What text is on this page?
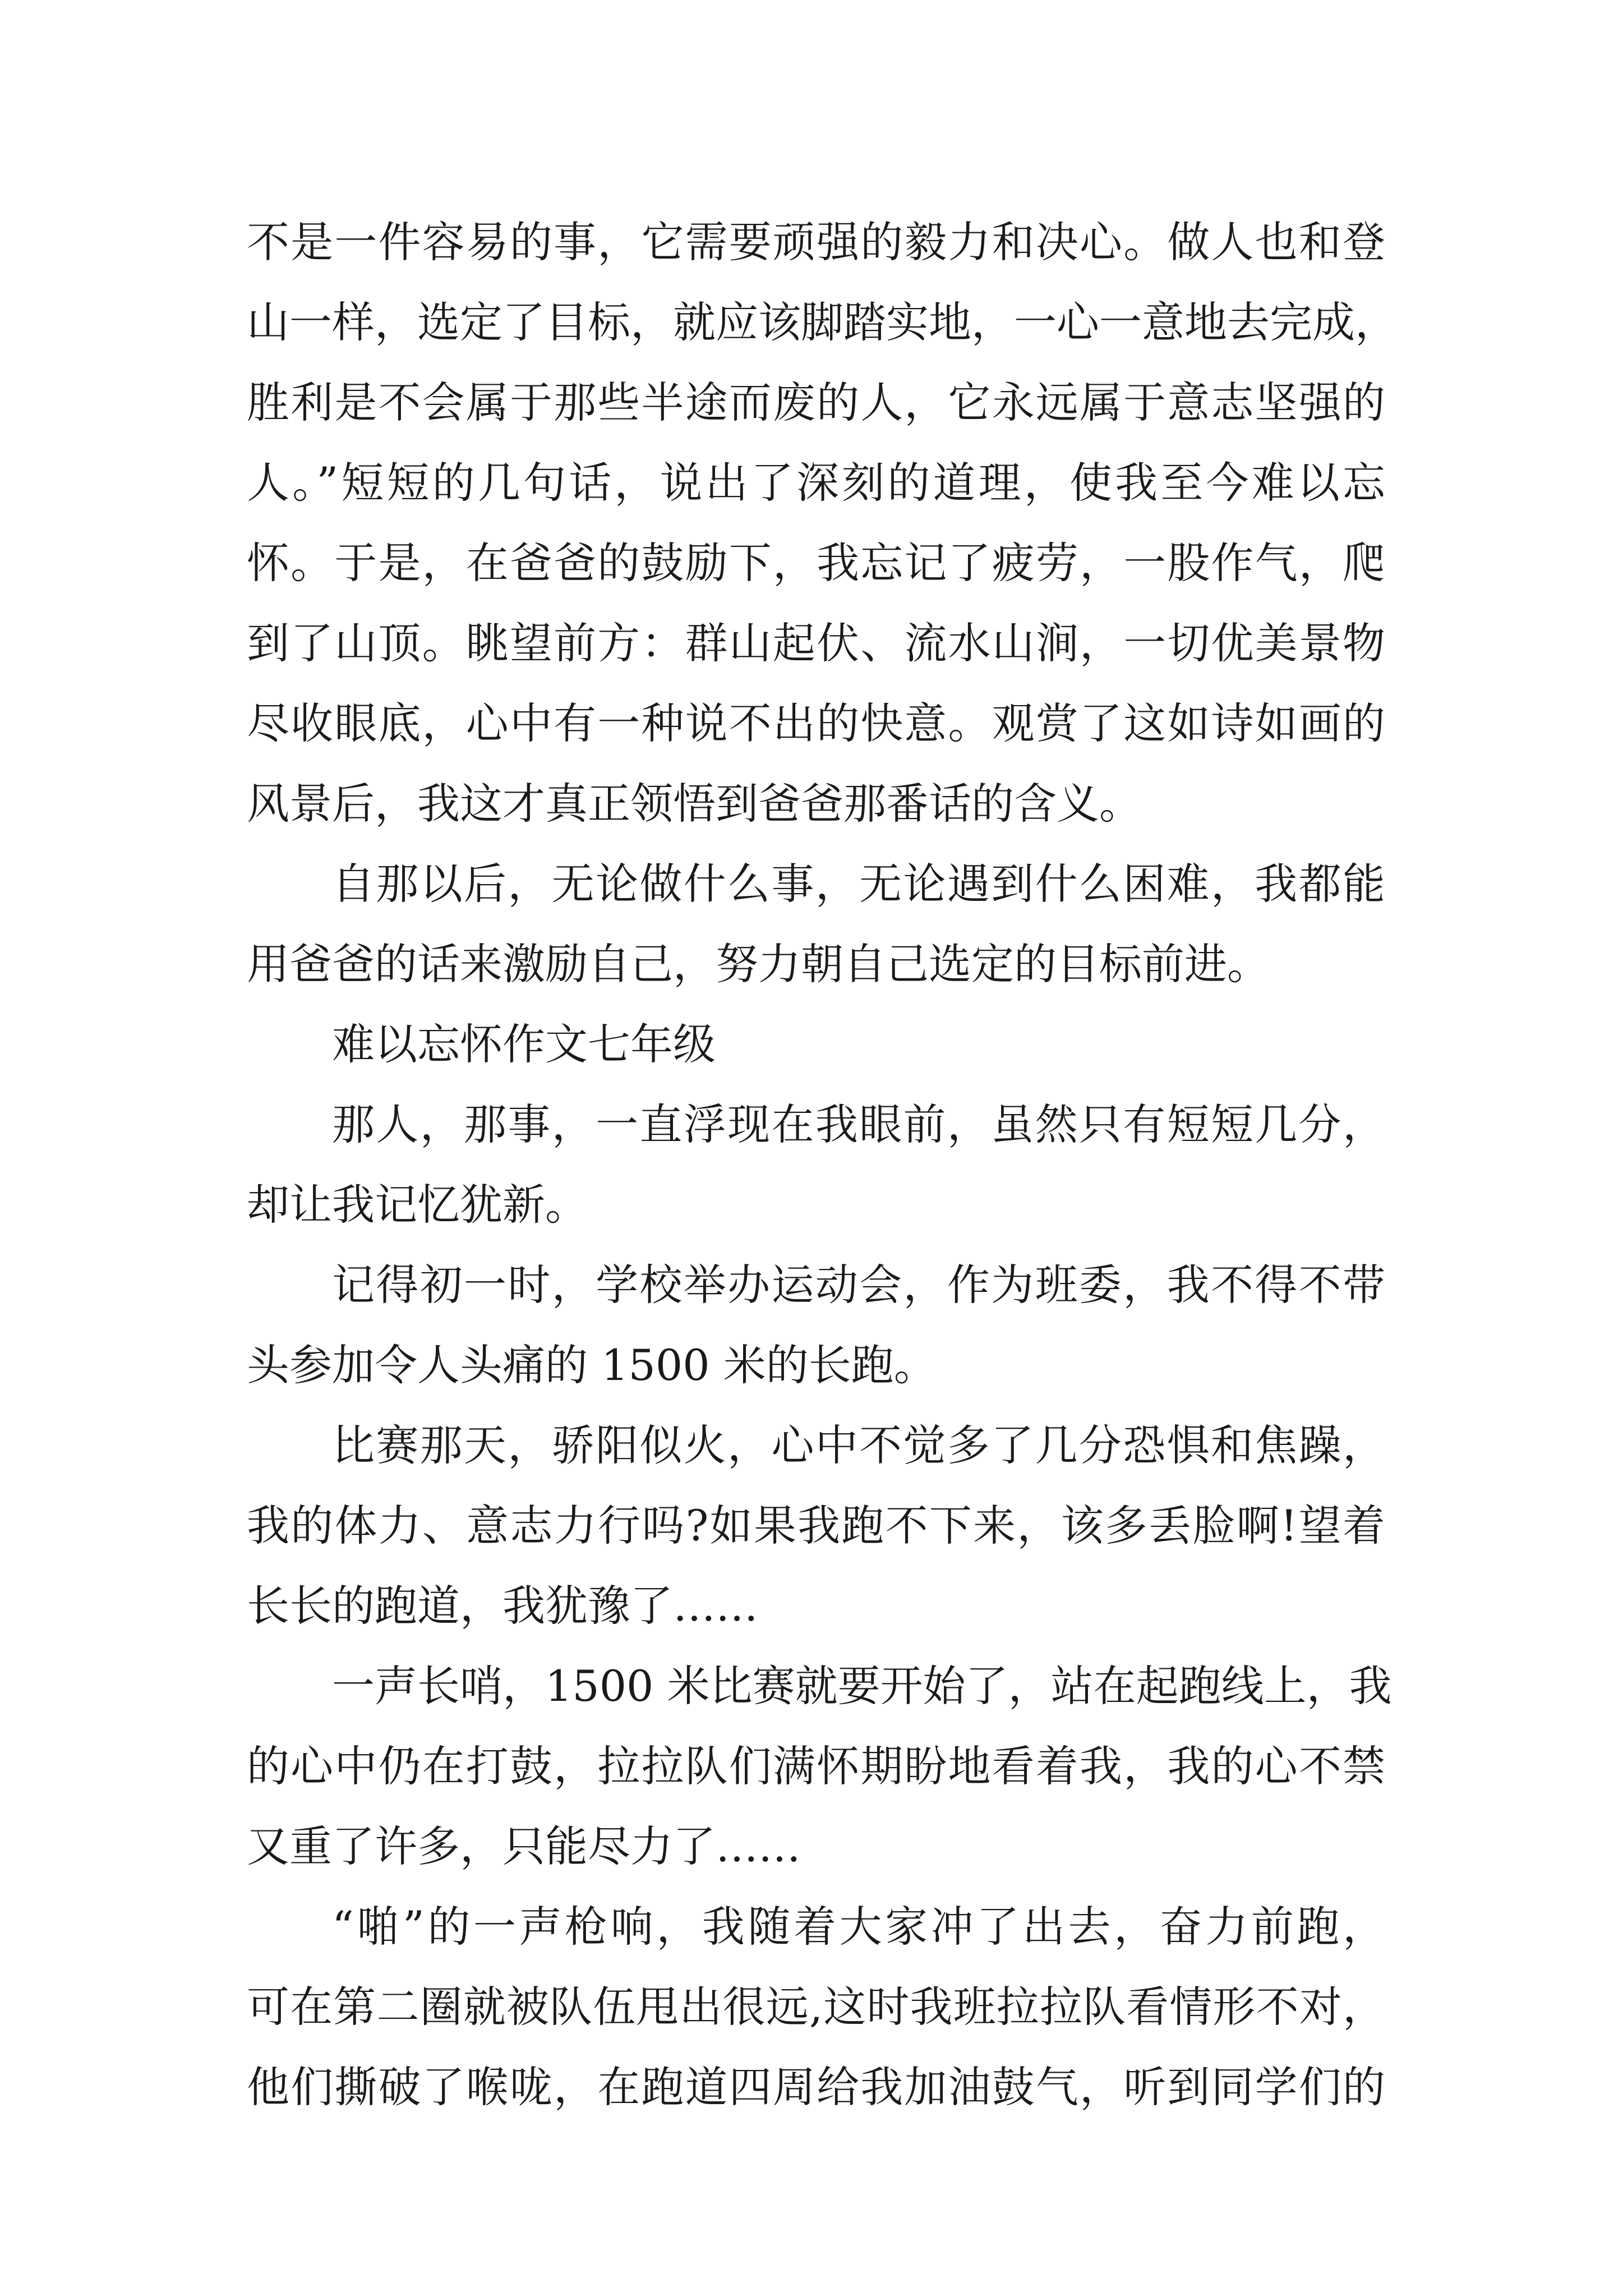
不是一件容易的事，它需要顽强的毅力和决心。做人也和登
山一样，选定了目标，就应该脚踏实地，一心一意地去完成，
胜利是不会属于那些半途而废的人，它永远属于意志坚强的
人。”短短的几句话，说出了深刻的道理，使我至今难以忘
怀。于是，在爸爸的鼓励下，我忘记了疲劳，一股作气，爬
到了山顶。眺望前方：群山起伏、流水山涧，一切优美景物
尽收眼底，心中有一种说不出的快意。观赏了这如诗如画的
风景后，我这才真正领悟到爸爸那番话的含义。
自那以后，无论做什么事，无论遇到什么困难，我都能
用爸爸的话来激励自己，努力朝自己选定的目标前进。
难以忘怀作文七年级
那人，那事，一直浮现在我眼前，虽然只有短短几分，
却让我记忆犹新。
记得初一时，学校举办运动会，作为班委，我不得不带
头参加令人头痛的 1500 米的长跑。
比赛那天，骄阳似火，心中不觉多了几分恐惧和焦躁，
我的体力、意志力行吗?如果我跑不下来，该多丢脸啊!望着
长长的跑道，我犹豫了……
一声长哨，1500 米比赛就要开始了，站在起跑线上，我
的心中仍在打鼓，拉拉队们满怀期盼地看着我，我的心不禁
又重了许多，只能尽力了……
“啪”的一声枪响，我随着大家冲了出去，奋力前跑，
可在第二圈就被队伍甩出很远,这时我班拉拉队看情形不对，
他们撕破了喉咙，在跑道四周给我加油鼓气，听到同学们的
